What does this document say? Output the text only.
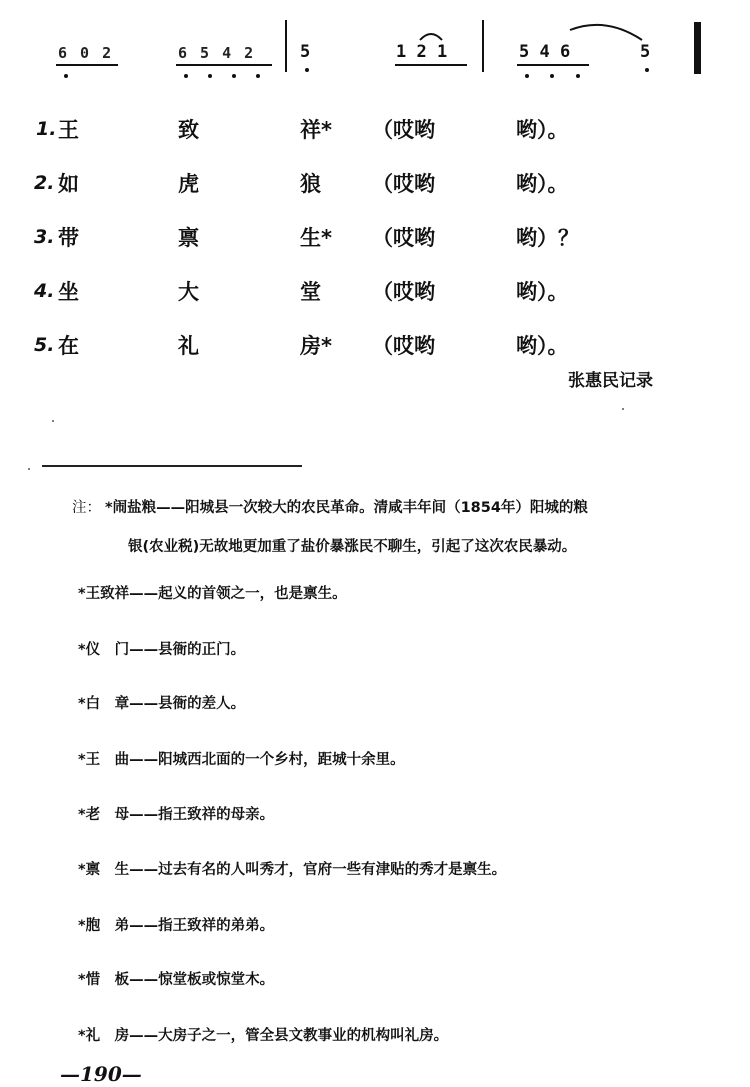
6 0 2	6 5 4 2	5	1 2 1	5 4 6	5
1. 王	致	祥* （哎哟	哟）。
2. 如	虎	狼 （哎哟	哟）。
3. 带	禀	生* （哎哟	哟）？
4. 坐	大	堂 （哎哟	哟）。
5. 在	礼	房* （哎哟	哟）。
张惠民记录
注： *闹盐粮——阳城县一次较大的农民革命。清咸丰年间（1854年）阳城的粮
银(农业税)无故地更加重了盐价暴涨民不聊生，引起了这次农民暴动。
*王致祥——起义的首领之一，也是禀生。
*仪　门——县衙的正门。
*白　章——县衙的差人。
*王　曲——阳城西北面的一个乡村，距城十余里。
*老　母——指王致祥的母亲。
*禀　生——过去有名的人叫秀才，官府一些有津贴的秀才是禀生。
*胞　弟——指王致祥的弟弟。
*惜　板——惊堂板或惊堂木。
*礼　房——大房子之一，管全县文教事业的机构叫礼房。
—190—
